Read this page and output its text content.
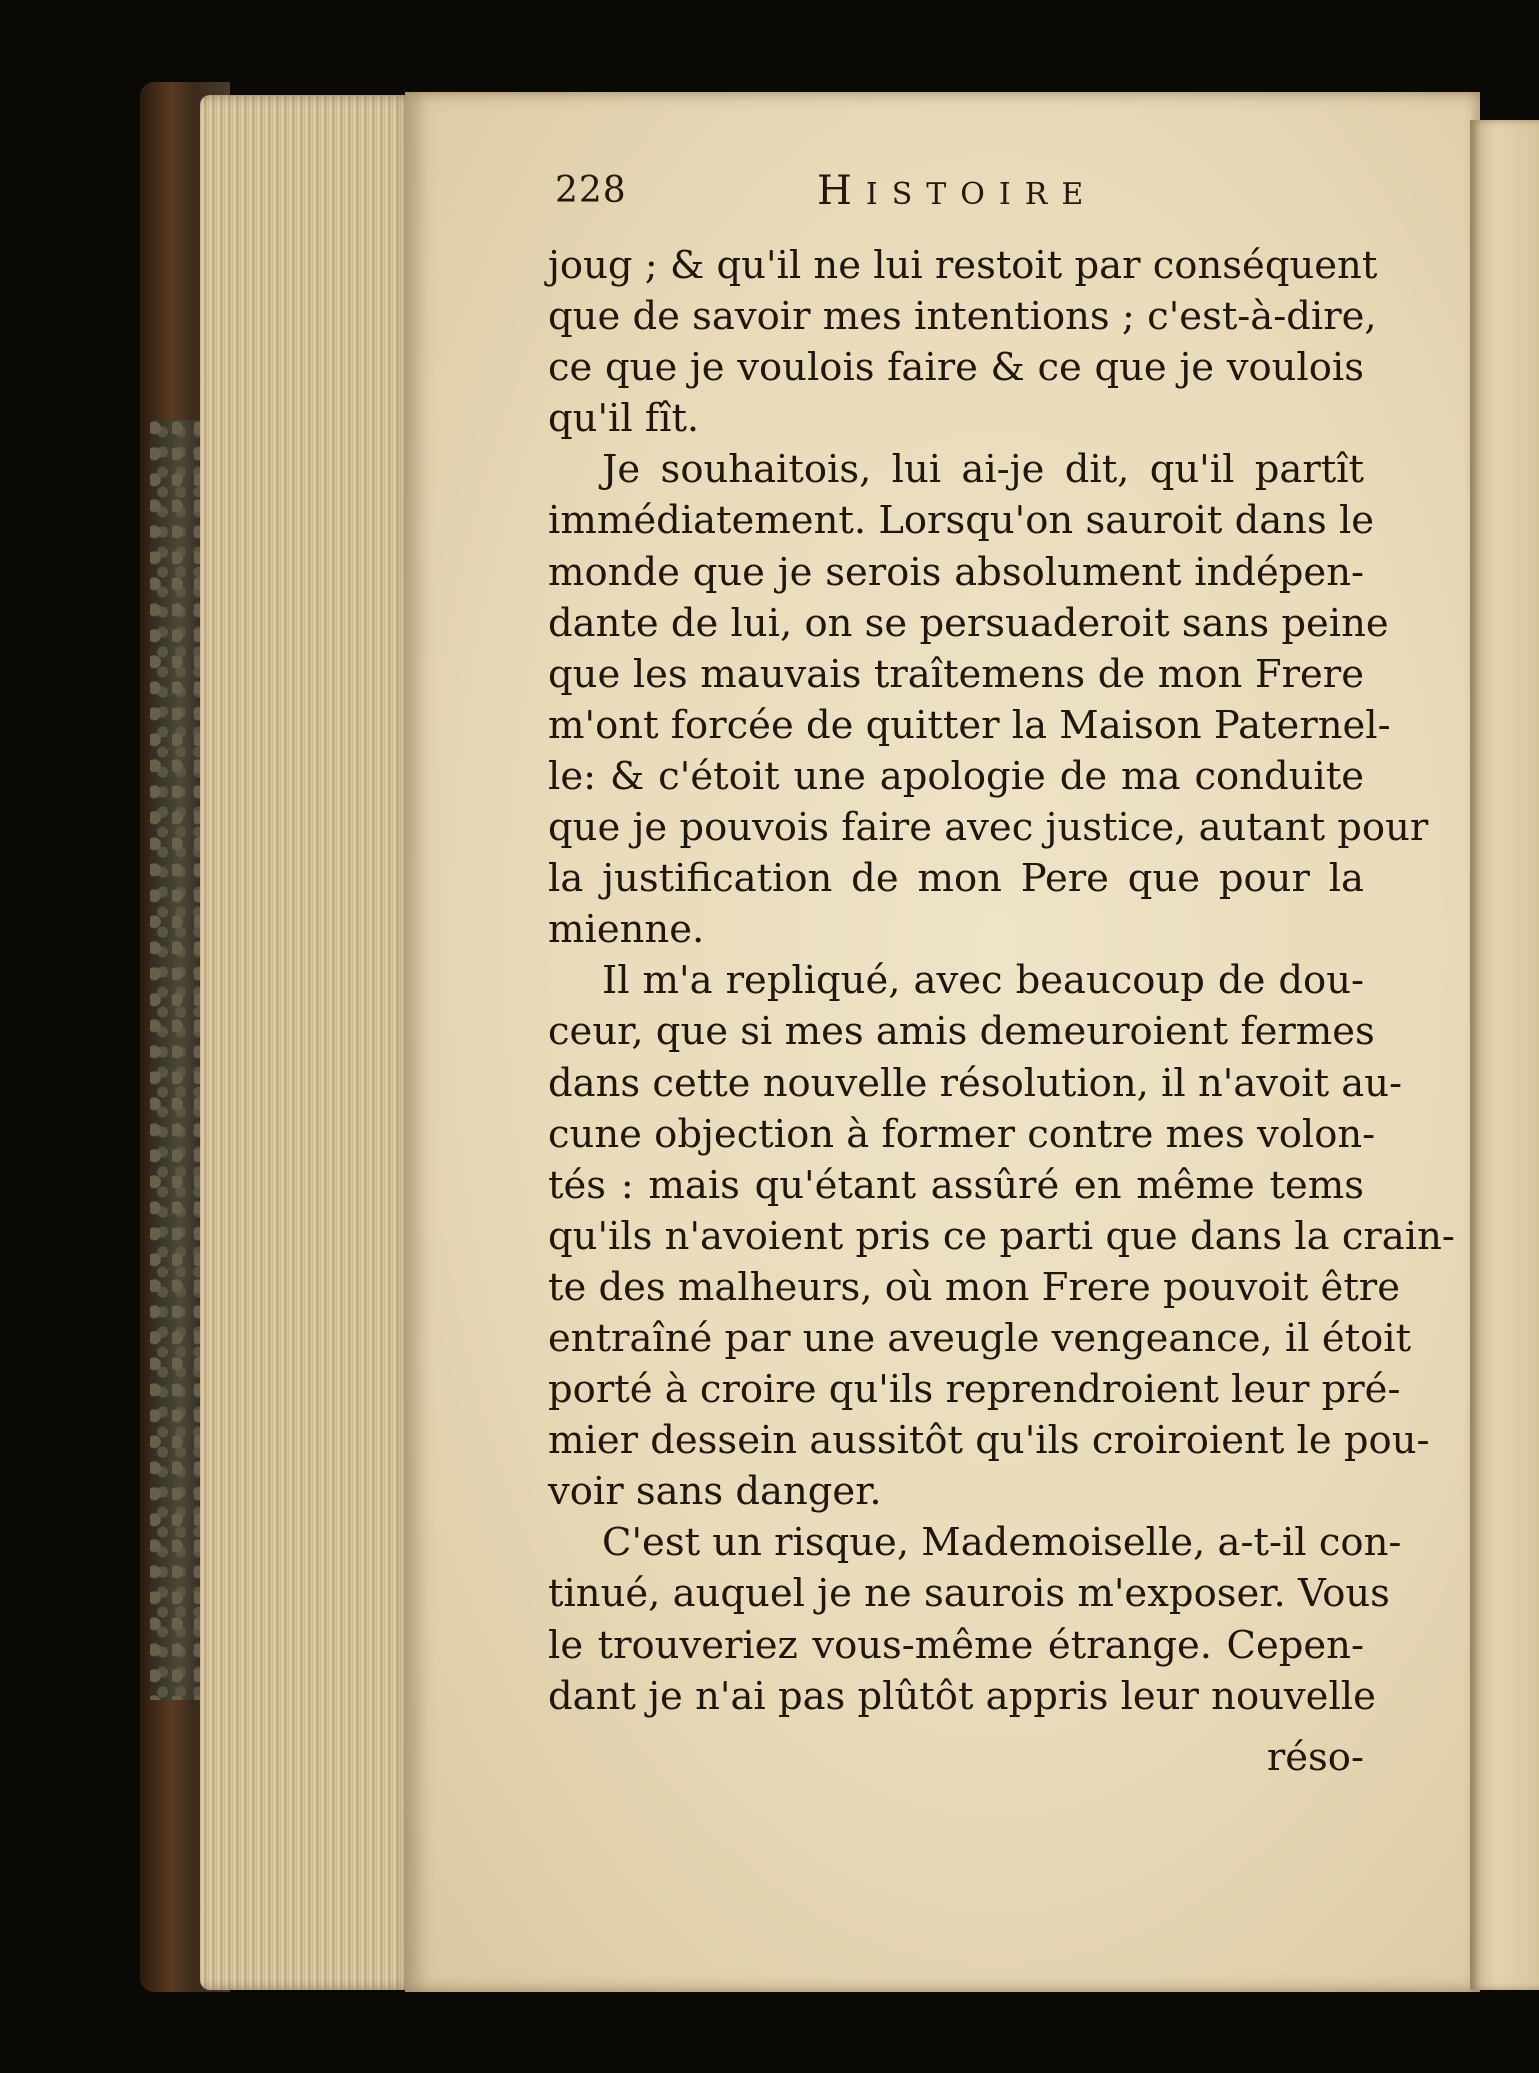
228	HISTOIRE
joug ; & qu'il ne lui restoit par conséquent
que de savoir mes intentions ; c'est-à-dire,
ce que je voulois faire & ce que je voulois
qu'il fît.
Je souhaitois, lui ai-je dit, qu'il partît
immédiatement. Lorsqu'on sauroit dans le
monde que je serois absolument indépen-
dante de lui, on se persuaderoit sans peine
que les mauvais traîtemens de mon Frere
m'ont forcée de quitter la Maison Paternel-
le: & c'étoit une apologie de ma conduite
que je pouvois faire avec justice, autant pour
la justification de mon Pere que pour la
mienne.
Il m'a repliqué, avec beaucoup de dou-
ceur, que si mes amis demeuroient fermes
dans cette nouvelle résolution, il n'avoit au-
cune objection à former contre mes volon-
tés : mais qu'étant assûré en même tems
qu'ils n'avoient pris ce parti que dans la crain-
te des malheurs, où mon Frere pouvoit être
entraîné par une aveugle vengeance, il étoit
porté à croire qu'ils reprendroient leur pré-
mier dessein aussitôt qu'ils croiroient le pou-
voir sans danger.
C'est un risque, Mademoiselle, a-t-il con-
tinué, auquel je ne saurois m'exposer. Vous
le trouveriez vous-même étrange. Cepen-
dant je n'ai pas plûtôt appris leur nouvelle
réso-
